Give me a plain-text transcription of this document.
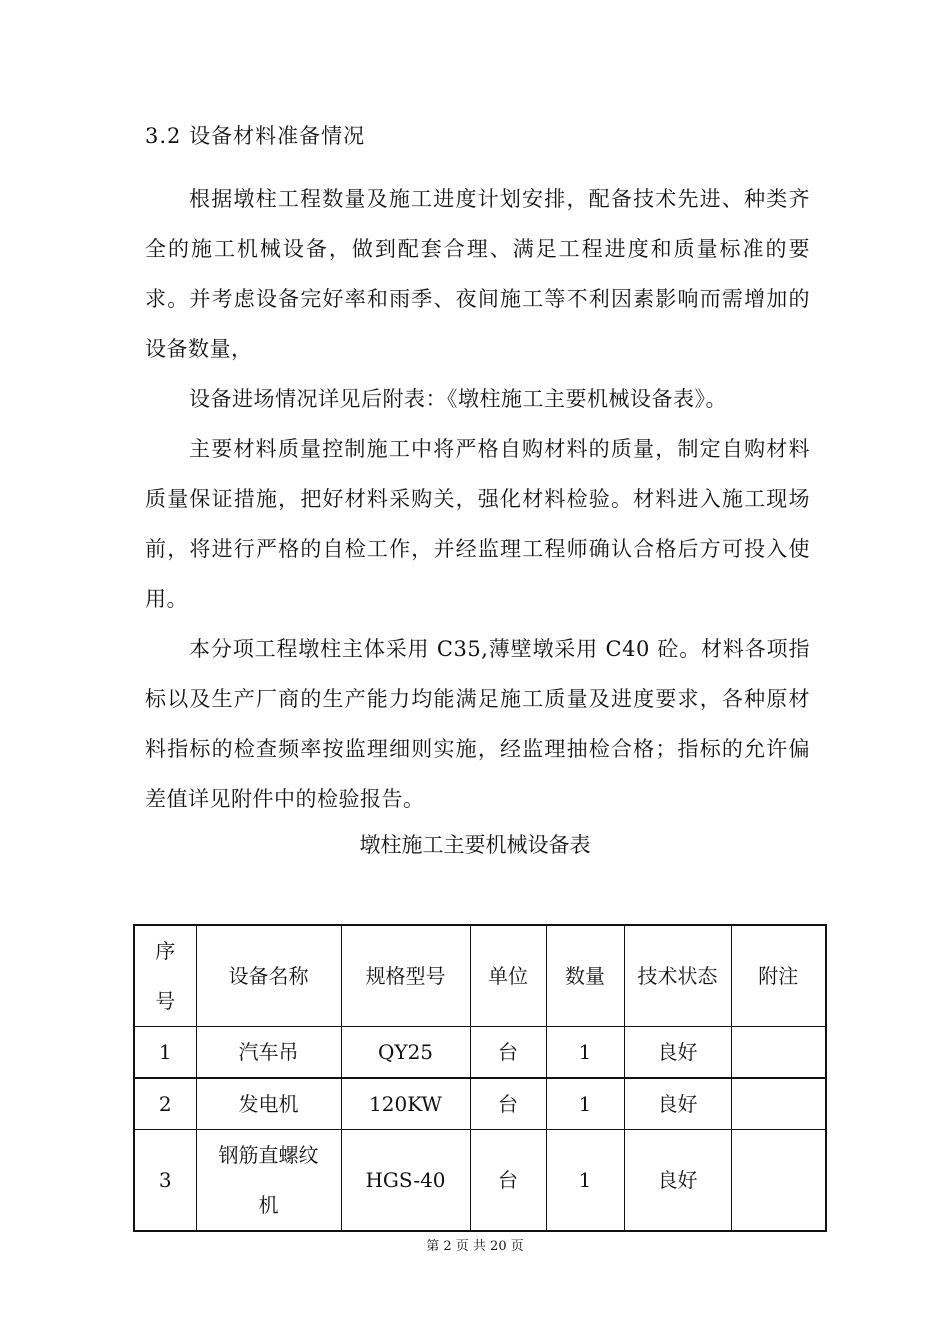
3.2 设备材料准备情况
根据墩柱工程数量及施工进度计划安排，配备技术先进、种类齐全的施工机械设备，做到配套合理、满足工程进度和质量标准的要求。并考虑设备完好率和雨季、夜间施工等不利因素影响而需增加的设备数量，
设备进场情况详见后附表：《墩柱施工主要机械设备表》。
主要材料质量控制施工中将严格自购材料的质量，制定自购材料质量保证措施，把好材料采购关，强化材料检验。材料进入施工现场前，将进行严格的自检工作，并经监理工程师确认合格后方可投入使用。
本分项工程墩柱主体采用 C35,薄壁墩采用 C40 砼。材料各项指标以及生产厂商的生产能力均能满足施工质量及进度要求，各种原材料指标的检查频率按监理细则实施，经监理抽检合格；指标的允许偏差值详见附件中的检验报告。
墩柱施工主要机械设备表
序号	设备名称	规格型号	单位	数量	技术状态	附注
1	汽车吊	QY25	台	1	良好	
2	发电机	120KW	台	1	良好	
3	钢筋直螺纹机	HGS-40	台	1	良好	
第 2 页 共 20 页
